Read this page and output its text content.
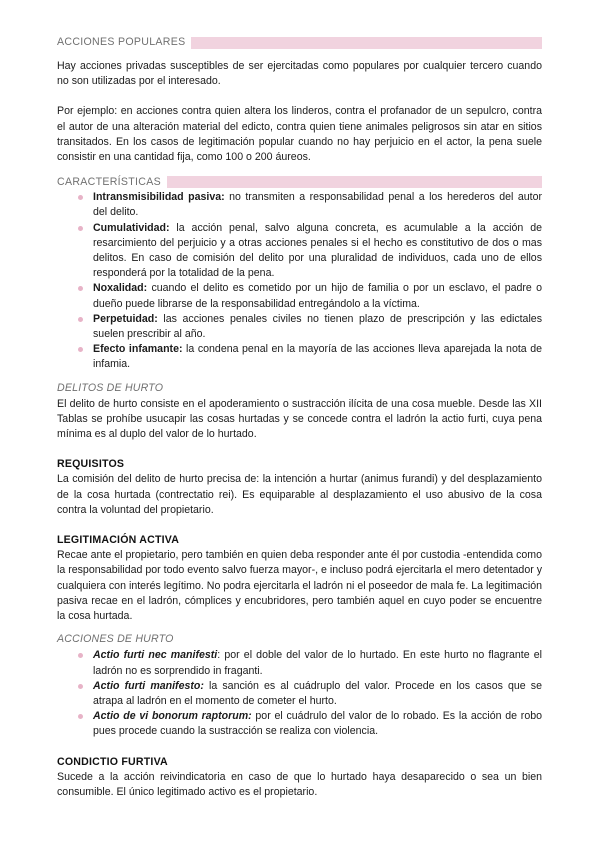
ACCIONES POPULARES

Hay acciones privadas susceptibles de ser ejercitadas como populares por cualquier tercero cuando no son utilizadas por el interesado.

Por ejemplo: en acciones contra quien altera los linderos, contra el profanador de un sepulcro, contra el autor de una alteración material del edicto, contra quien tiene animales peligrosos sin atar en sitios transitados. En los casos de legitimación popular cuando no hay perjuicio en el actor, la pena suele consistir en una cantidad fija, como 100 o 200 áureos.

CARACTERÍSTICAS
Intransmisibilidad pasiva: no transmiten a responsabilidad penal a los herederos del autor del delito.
Cumulatividad: la acción penal, salvo alguna concreta, es acumulable a la acción de resarcimiento del perjuicio y a otras acciones penales si el hecho es constitutivo de dos o mas delitos. En caso de comisión del delito por una pluralidad de individuos, cada uno de ellos responderá por la totalidad de la pena.
Noxalidad: cuando el delito es cometido por un hijo de familia o por un esclavo, el padre o dueño puede librarse de la responsabilidad entregándolo a la víctima.
Perpetuidad: las acciones penales civiles no tienen plazo de prescripción y las edictales suelen prescribir al año.
Efecto infamante: la condena penal en la mayoría de las acciones lleva aparejada la nota de infamia.
DELITOS DE HURTO

El delito de hurto consiste en el apoderamiento o sustracción ilícita de una cosa mueble. Desde las XII Tablas se prohíbe usucapir las cosas hurtadas y se concede contra el ladrón la actio furti, cuya pena mínima es al duplo del valor de lo hurtado.

REQUISITOS

La comisión del delito de hurto precisa de: la intención a hurtar (animus furandi) y del desplazamiento de la cosa hurtada (contrectatio rei). Es equiparable al desplazamiento el uso abusivo de la cosa contra la voluntad del propietario.

LEGITIMACIÓN ACTIVA

Recae ante el propietario, pero también en quien deba responder ante él por custodia -entendida como la responsabilidad por todo evento salvo fuerza mayor-, e incluso podrá ejercitarla el mero detentador y cualquiera con interés legítimo. No podra ejercitarla el ladrón ni el poseedor de mala fe. La legitimación pasiva recae en el ladrón, cómplices y encubridores, pero también aquel en cuyo poder se encuentre la cosa hurtada.

ACCIONES DE HURTO
Actio furti nec manifesti: por el doble del valor de lo hurtado. En este hurto no flagrante el ladrón no es sorprendido in fraganti.
Actio furti manifesto: la sanción es al cuádruplo del valor. Procede en los casos que se atrapa al ladrón en el momento de cometer el hurto.
Actio de vi bonorum raptorum: por el cuádrulo del valor de lo robado. Es la acción de robo pues procede cuando la sustracción se realiza con violencia.
CONDICTIO FURTIVA

Sucede a la acción reivindicatoria en caso de que lo hurtado haya desaparecido o sea un bien consumible. El único legitimado activo es el propietario.
